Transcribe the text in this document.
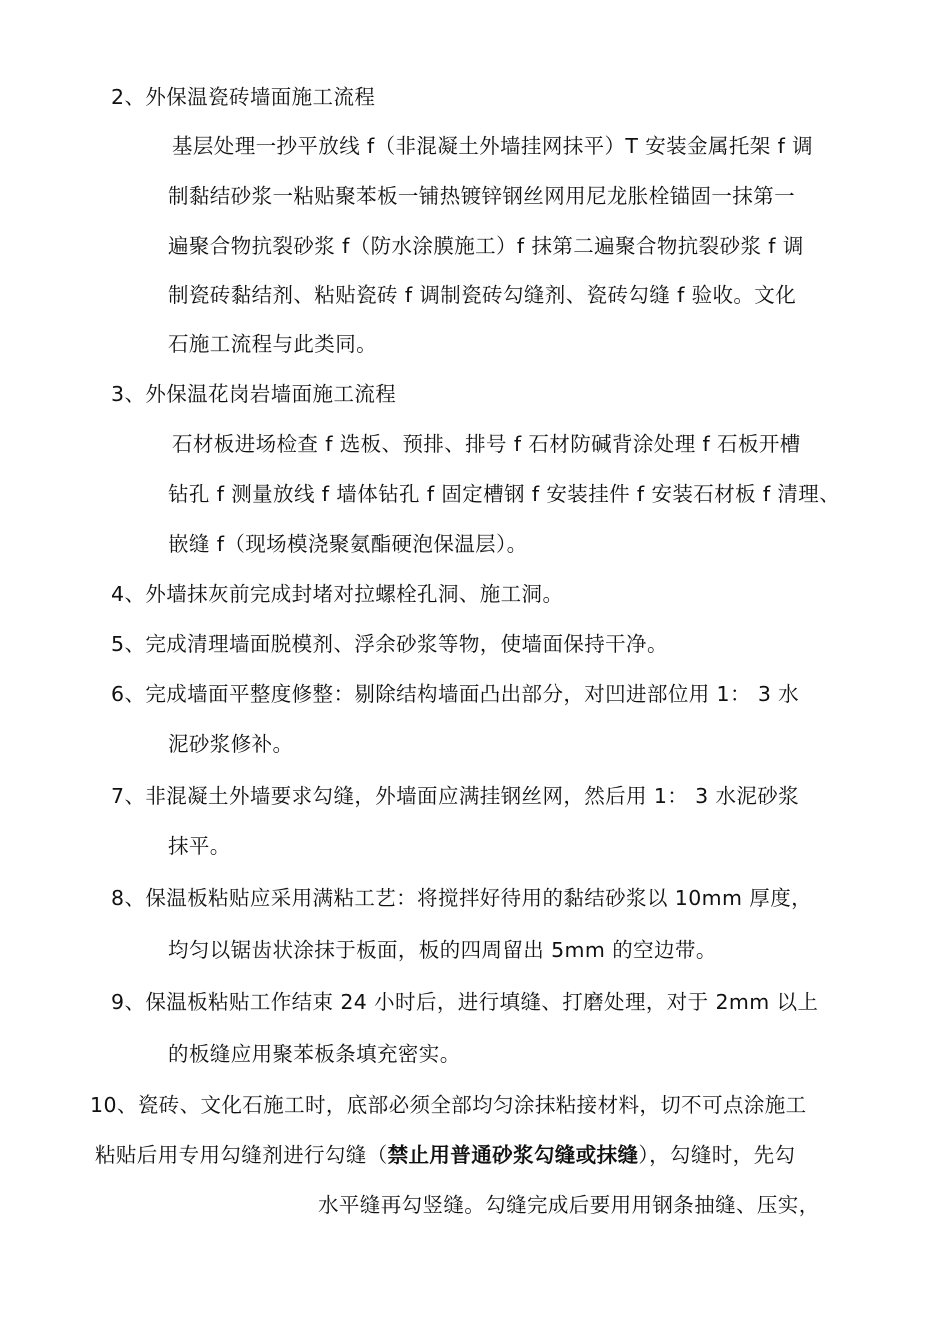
2、外保温瓷砖墙面施工流程
基层处理一抄平放线 f（非混凝土外墙挂网抹平）T 安装金属托架 f 调
制黏结砂浆一粘贴聚苯板一铺热镀锌钢丝网用尼龙胀栓锚固一抹第一
遍聚合物抗裂砂浆 f（防水涂膜施工）f 抹第二遍聚合物抗裂砂浆 f 调
制瓷砖黏结剂、粘贴瓷砖 f 调制瓷砖勾缝剂、瓷砖勾缝 f 验收。文化
石施工流程与此类同。
3、外保温花岗岩墙面施工流程
石材板进场检查 f 选板、预排、排号 f 石材防碱背涂处理 f 石板开槽
钻孔 f 测量放线 f 墙体钻孔 f 固定槽钢 f 安装挂件 f 安装石材板 f 清理、
嵌缝 f（现场模浇聚氨酯硬泡保温层）。
4、外墙抹灰前完成封堵对拉螺栓孔洞、施工洞。
5、完成清理墙面脱模剂、浮余砂浆等物，使墙面保持干净。
6、完成墙面平整度修整：剔除结构墙面凸出部分，对凹进部位用 1： 3 水
泥砂浆修补。
7、非混凝土外墙要求勾缝，外墙面应满挂钢丝网，然后用 1： 3 水泥砂浆
抹平。
8、保温板粘贴应采用满粘工艺：将搅拌好待用的黏结砂浆以 10mm 厚度，
均匀以锯齿状涂抹于板面，板的四周留出 5mm 的空边带。
9、保温板粘贴工作结束 24 小时后，进行填缝、打磨处理，对于 2mm 以上
的板缝应用聚苯板条填充密实。
10、瓷砖、文化石施工时，底部必须全部均匀涂抹粘接材料，切不可点涂施工
粘贴后用专用勾缝剂进行勾缝（禁止用普通砂浆勾缝或抹缝），勾缝时，先勾
水平缝再勾竖缝。勾缝完成后要用用钢条抽缝、压实，
